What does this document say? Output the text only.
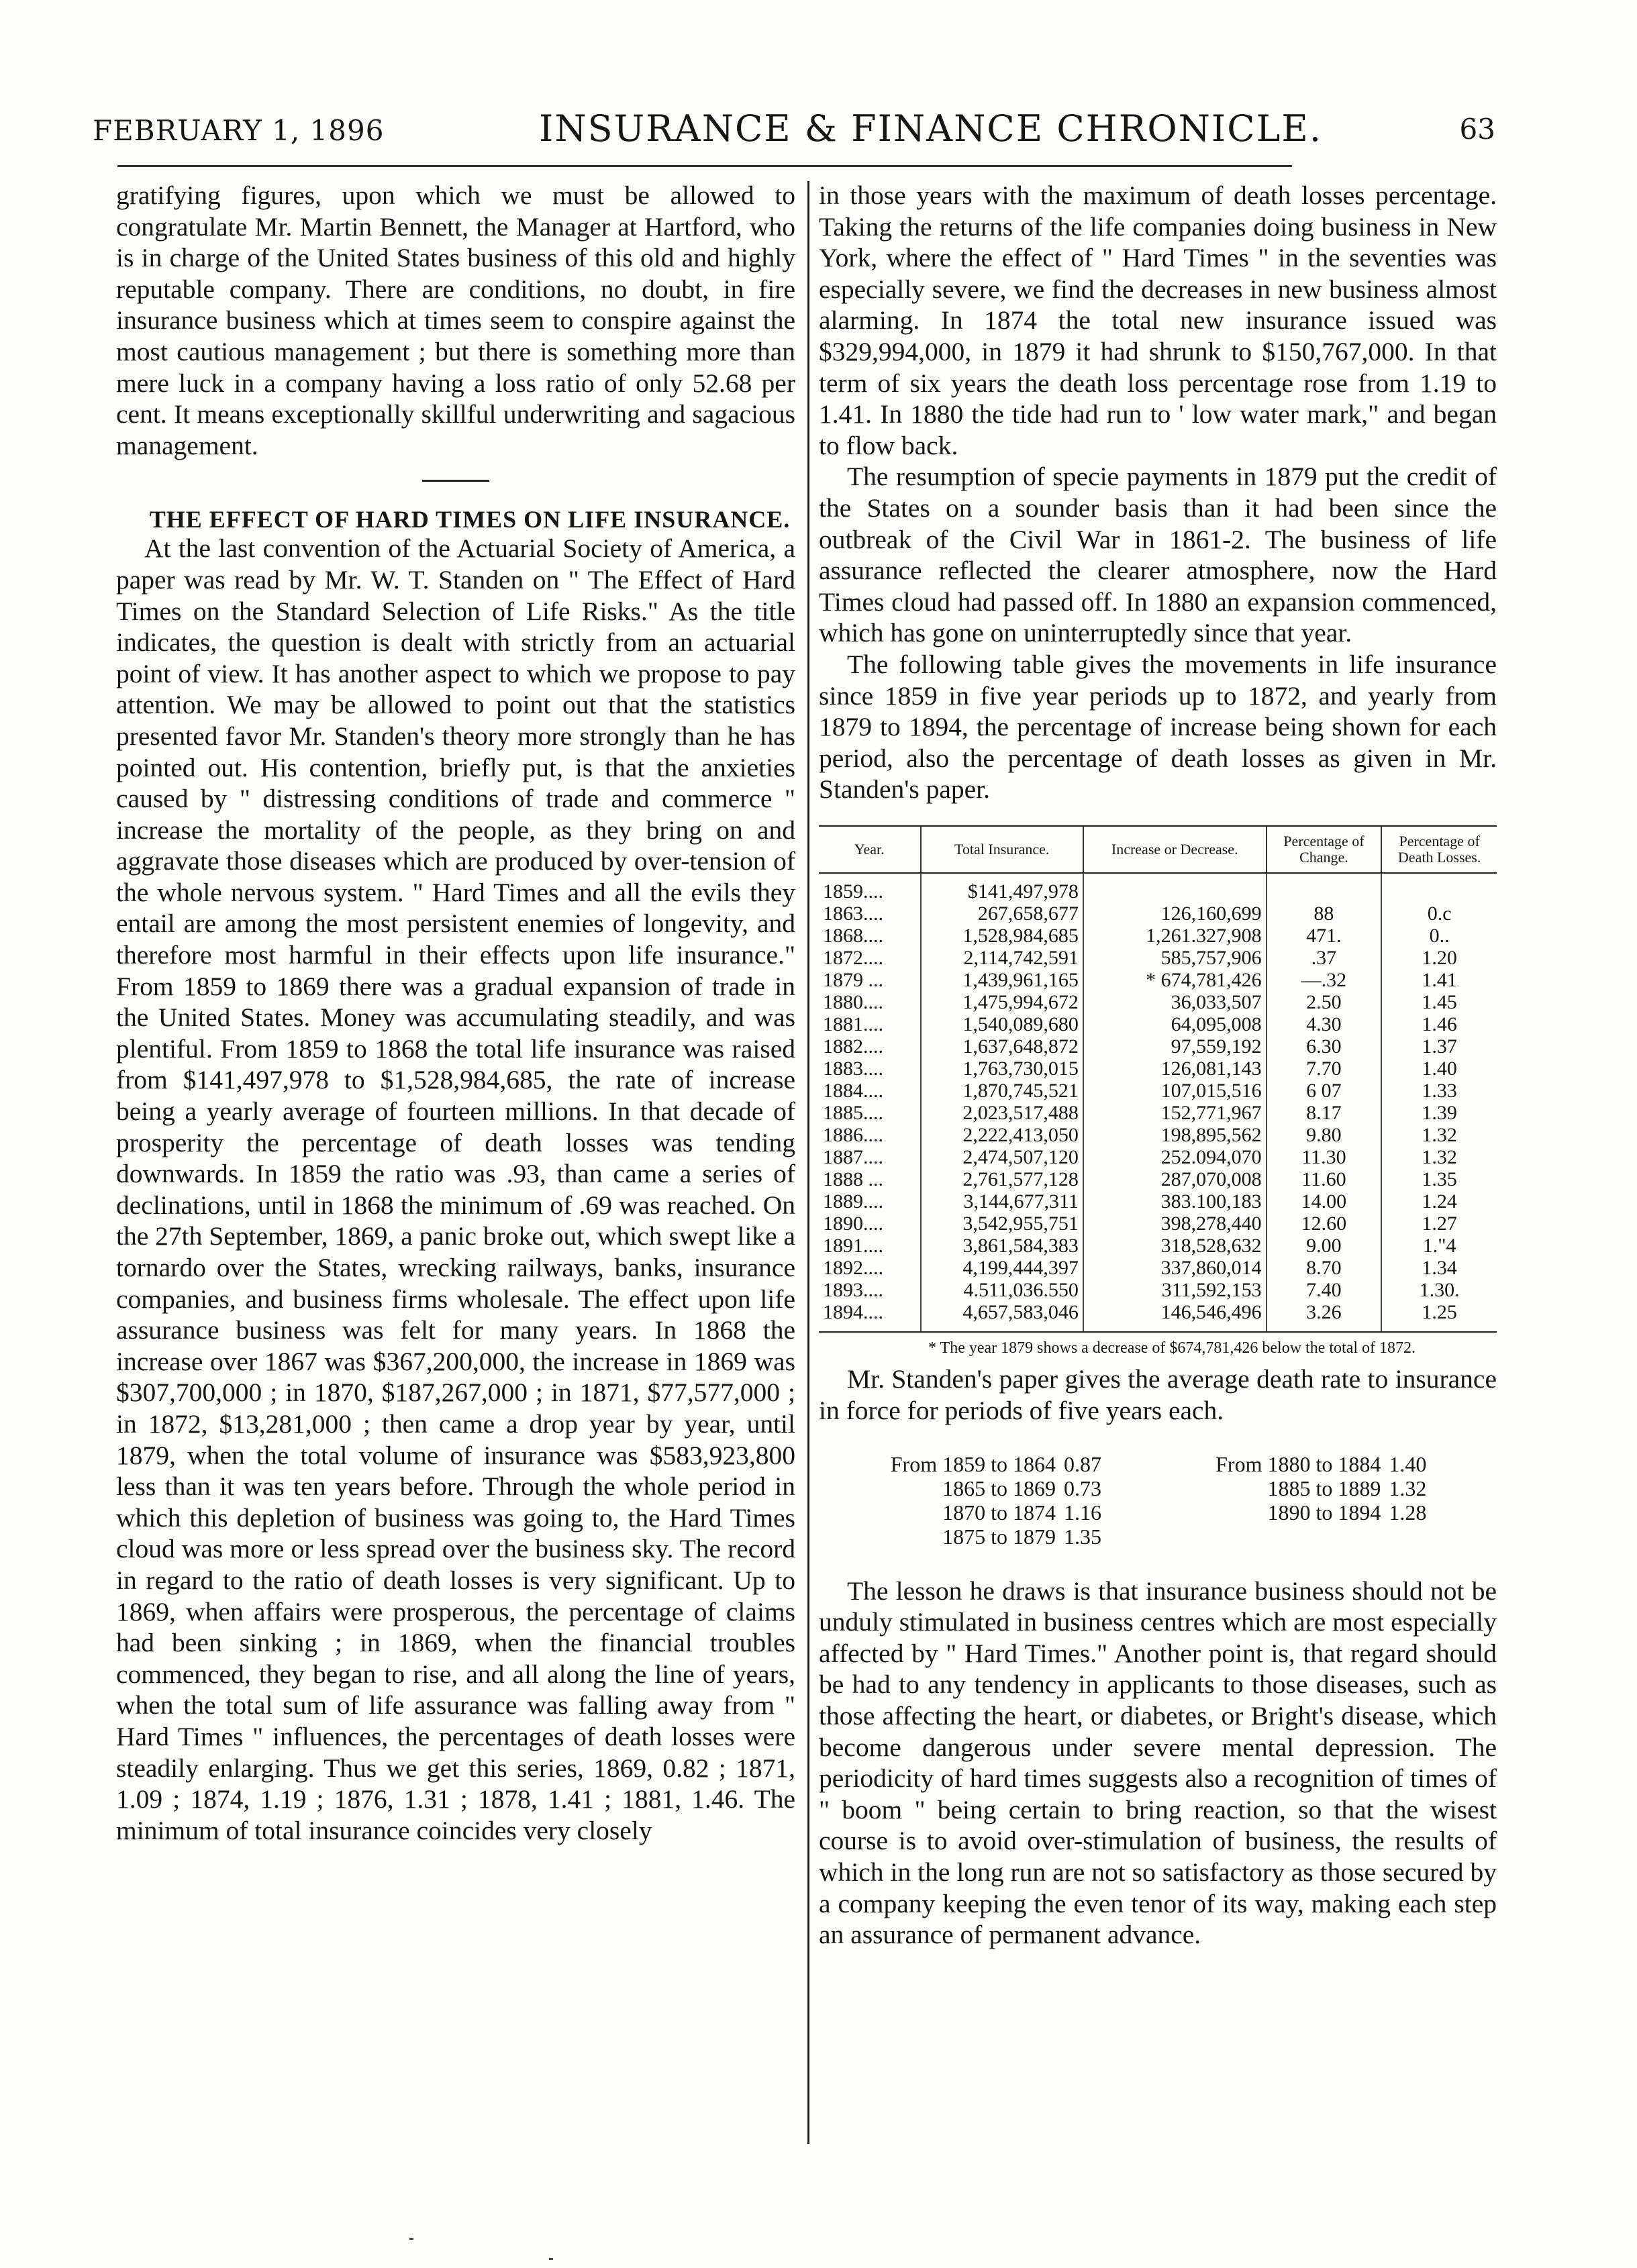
FEBRUARY 1, 1896	INSURANCE & FINANCE CHRONICLE.	63

gratifying figures, upon which we must be allowed to congratulate Mr. Martin Bennett, the Manager at Hartford, who is in charge of the United States business of this old and highly reputable company. There are conditions, no doubt, in fire insurance business which at times seem to conspire against the most cautious management ; but there is something more than mere luck in a company having a loss ratio of only 52.68 per cent. It means exceptionally skillful underwriting and sagacious management.

THE EFFECT OF HARD TIMES ON LIFE INSURANCE.

At the last convention of the Actuarial Society of America, a paper was read by Mr. W. T. Standen on " The Effect of Hard Times on the Standard Selection of Life Risks." As the title indicates, the question is dealt with strictly from an actuarial point of view. It has another aspect to which we propose to pay attention. We may be allowed to point out that the statistics presented favor Mr. Standen's theory more strongly than he has pointed out. His contention, briefly put, is that the anxieties caused by " distressing conditions of trade and commerce " increase the mortality of the people, as they bring on and aggravate those diseases which are produced by over-tension of the whole nervous system. " Hard Times and all the evils they entail are among the most persistent enemies of longevity, and therefore most harmful in their effects upon life insurance." From 1859 to 1869 there was a gradual expansion of trade in the United States. Money was accumulating steadily, and was plentiful. From 1859 to 1868 the total life insurance was raised from $141,497,978 to $1,528,984,685, the rate of increase being a yearly average of fourteen millions. In that decade of prosperity the percentage of death losses was tending downwards. In 1859 the ratio was .93, than came a series of declinations, until in 1868 the minimum of .69 was reached. On the 27th September, 1869, a panic broke out, which swept like a tornardo over the States, wrecking railways, banks, insurance companies, and business firms wholesale. The effect upon life assurance business was felt for many years. In 1868 the increase over 1867 was $367,200,000, the increase in 1869 was $307,700,000 ; in 1870, $187,267,000 ; in 1871, $77,577,000 ; in 1872, $13,281,000 ; then came a drop year by year, until 1879, when the total volume of insurance was $583,923,800 less than it was ten years before. Through the whole period in which this depletion of business was going to, the Hard Times cloud was more or less spread over the business sky. The record in regard to the ratio of death losses is very significant. Up to 1869, when affairs were prosperous, the percentage of claims had been sinking ; in 1869, when the financial troubles commenced, they began to rise, and all along the line of years, when the total sum of life assurance was falling away from " Hard Times " influences, the percentages of death losses were steadily enlarging. Thus we get this series, 1869, 0.82 ; 1871, 1.09 ; 1874, 1.19 ; 1876, 1.31 ; 1878, 1.41 ; 1881, 1.46. The minimum of total insurance coincides very closely

in those years with the maximum of death losses percentage. Taking the returns of the life companies doing business in New York, where the effect of " Hard Times " in the seventies was especially severe, we find the decreases in new business almost alarming. In 1874 the total new insurance issued was $329,994,000, in 1879 it had shrunk to $150,767,000. In that term of six years the death loss percentage rose from 1.19 to 1.41. In 1880 the tide had run to ' low water mark," and began to flow back.

The resumption of specie payments in 1879 put the credit of the States on a sounder basis than it had been since the outbreak of the Civil War in 1861-2. The business of life assurance reflected the clearer atmosphere, now the Hard Times cloud had passed off. In 1880 an expansion commenced, which has gone on uninterruptedly since that year.

The following table gives the movements in life insurance since 1859 in five year periods up to 1872, and yearly from 1879 to 1894, the percentage of increase being shown for each period, also the percentage of death losses as given in Mr. Standen's paper.

Year.	Total Insurance.	Increase or Decrease.	Percentage of Change.	Percentage of Death Losses.
1859....	$141,497,978			
1863....	267,658,677	126,160,699	88	0.c
1868....	1,528,984,685	1,261.327,908	471.	0..
1872....	2,114,742,591	585,757,906	.37	1.20
1879 ...	1,439,961,165	* 674,781,426	—.32	1.41
1880....	1,475,994,672	36,033,507	2.50	1.45
1881....	1,540,089,680	64,095,008	4.30	1.46
1882....	1,637,648,872	97,559,192	6.30	1.37
1883....	1,763,730,015	126,081,143	7.70	1.40
1884....	1,870,745,521	107,015,516	6 07	1.33
1885....	2,023,517,488	152,771,967	8.17	1.39
1886....	2,222,413,050	198,895,562	9.80	1.32
1887....	2,474,507,120	252.094,070	11.30	1.32
1888 ...	2,761,577,128	287,070,008	11.60	1.35
1889....	3,144,677,311	383.100,183	14.00	1.24
1890....	3,542,955,751	398,278,440	12.60	1.27
1891....	3,861,584,383	318,528,632	9.00	1."4
1892....	4,199,444,397	337,860,014	8.70	1.34
1893....	4.511,036.550	311,592,153	7.40	1.30.
1894....	4,657,583,046	146,546,496	3.26	1.25

* The year 1879 shows a decrease of $674,781,426 below the total of 1872.

Mr. Standen's paper gives the average death rate to insurance in force for periods of five years each.

From 1859 to 1864	0.87	From 1880 to 1884	1.40
1865 to 1869	0.73	1885 to 1889	1.32
1870 to 1874	1.16	1890 to 1894	1.28
1875 to 1879	1.35		

The lesson he draws is that insurance business should not be unduly stimulated in business centres which are most especially affected by " Hard Times." Another point is, that regard should be had to any tendency in applicants to those diseases, such as those affecting the heart, or diabetes, or Bright's disease, which become dangerous under severe mental depression. The periodicity of hard times suggests also a recognition of times of " boom " being certain to bring reaction, so that the wisest course is to avoid over-stimulation of business, the results of which in the long run are not so satisfactory as those secured by a company keeping the even tenor of its way, making each step an assurance of permanent advance.
